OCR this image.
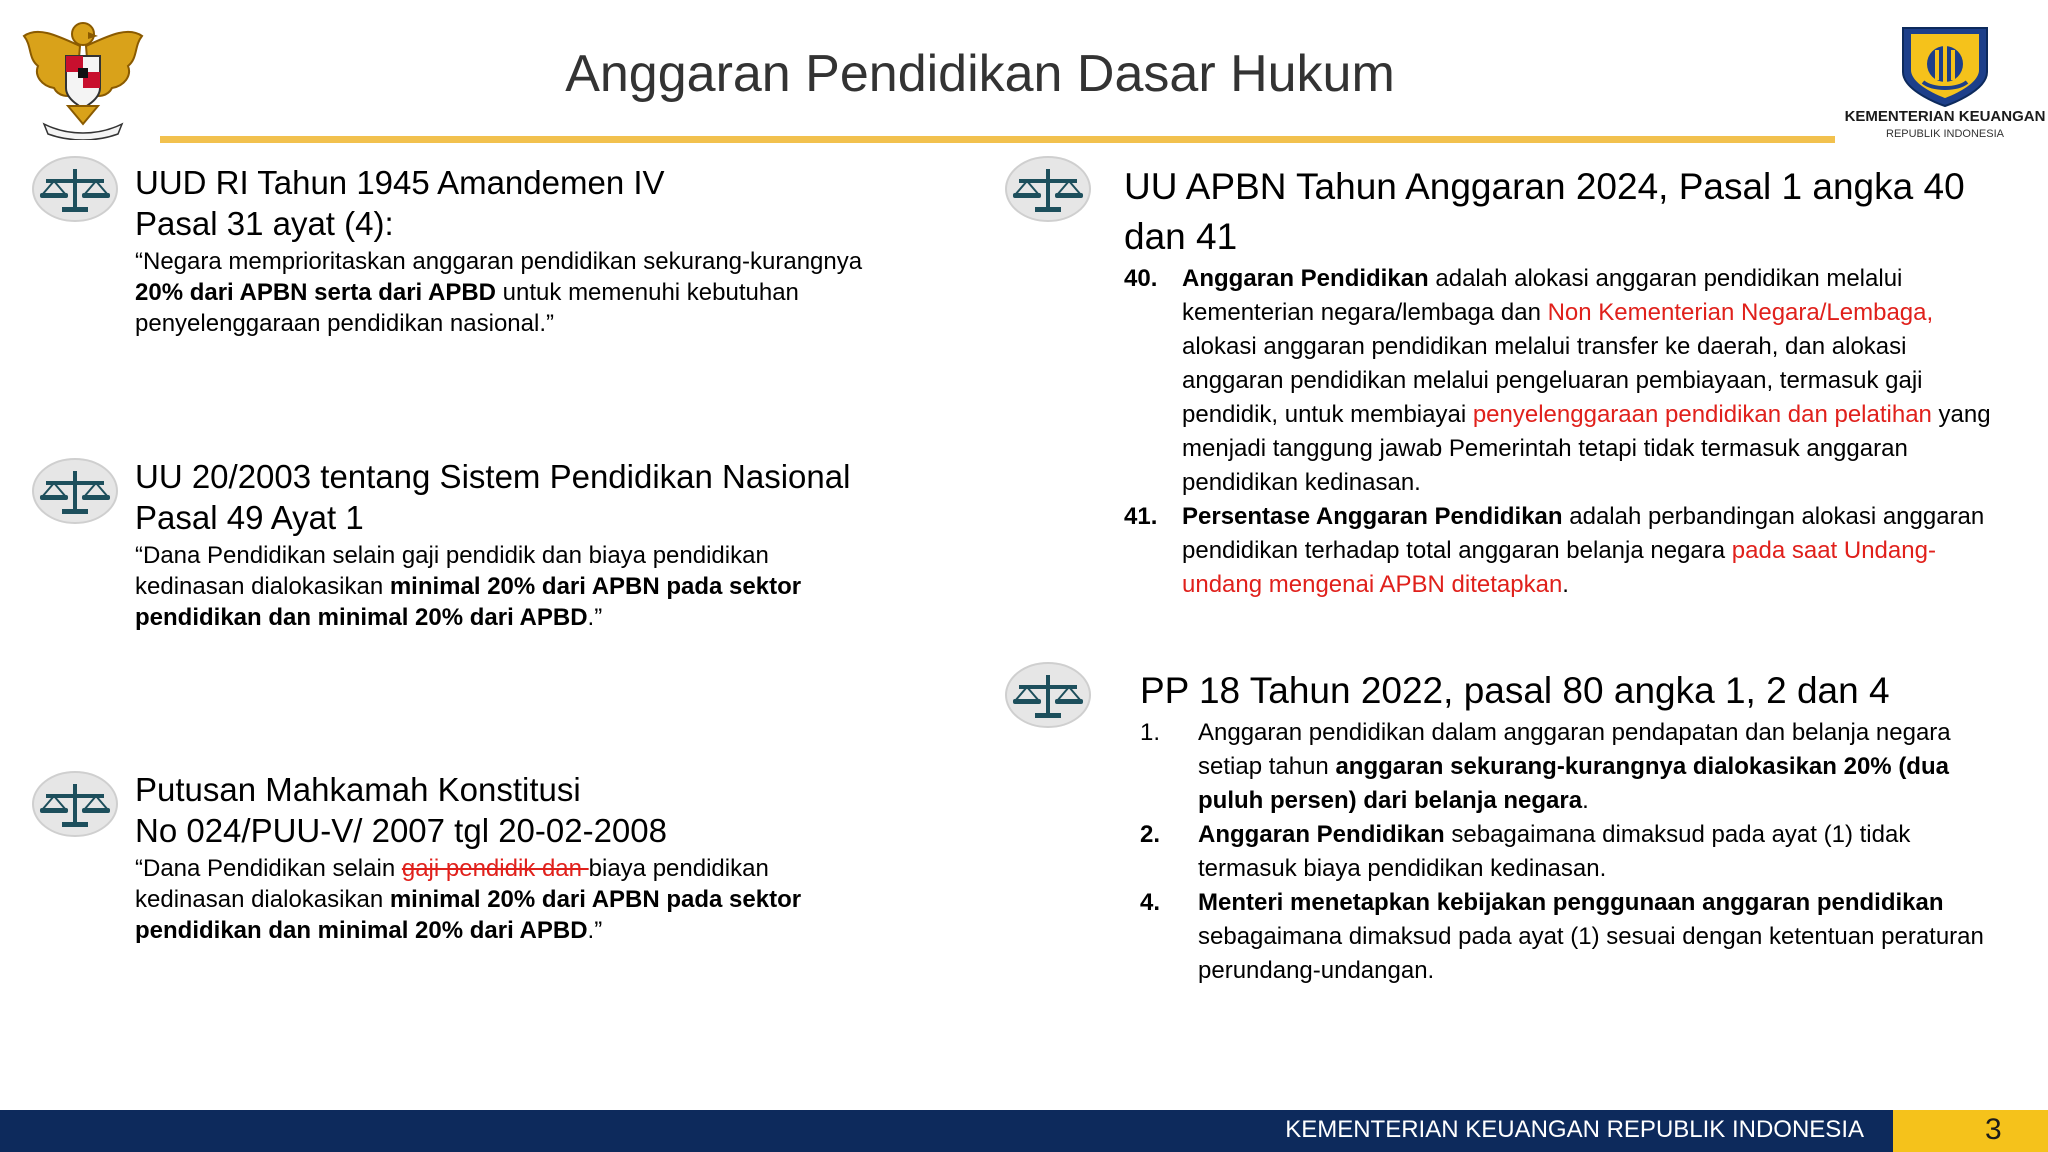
Anggaran Pendidikan Dasar Hukum
KEMENTERIAN KEUANGAN
REPUBLIK INDONESIA
UUD RI Tahun 1945 Amandemen IV
Pasal 31 ayat (4):
“Negara memprioritaskan anggaran pendidikan sekurang-kurangnya
20% dari APBN serta dari APBD untuk memenuhi kebutuhan
penyelenggaraan pendidikan nasional.”
UU 20/2003 tentang Sistem Pendidikan Nasional
Pasal 49 Ayat 1
“Dana Pendidikan selain gaji pendidik dan biaya pendidikan
kedinasan dialokasikan minimal 20% dari APBN pada sektor
pendidikan dan minimal 20% dari APBD.”
Putusan Mahkamah Konstitusi
No 024/PUU-V/ 2007 tgl 20-02-2008
“Dana Pendidikan selain gaji pendidik dan biaya pendidikan
kedinasan dialokasikan minimal 20% dari APBN pada sektor
pendidikan dan minimal 20% dari APBD.”
UU APBN Tahun Anggaran 2024, Pasal 1 angka 40
dan 41
40. Anggaran Pendidikan adalah alokasi anggaran pendidikan melalui kementerian negara/lembaga dan Non Kementerian Negara/Lembaga, alokasi anggaran pendidikan melalui transfer ke daerah, dan alokasi anggaran pendidikan melalui pengeluaran pembiayaan, termasuk gaji pendidik, untuk membiayai penyelenggaraan pendidikan dan pelatihan yang menjadi tanggung jawab Pemerintah tetapi tidak termasuk anggaran pendidikan kedinasan.
41. Persentase Anggaran Pendidikan adalah perbandingan alokasi anggaran pendidikan terhadap total anggaran belanja negara pada saat Undang-undang mengenai APBN ditetapkan.
PP 18 Tahun 2022, pasal 80 angka 1, 2 dan 4
1. Anggaran pendidikan dalam anggaran pendapatan dan belanja negara setiap tahun anggaran sekurang-kurangnya dialokasikan 20% (dua puluh persen) dari belanja negara.
2. Anggaran Pendidikan sebagaimana dimaksud pada ayat (1) tidak termasuk biaya pendidikan kedinasan.
4. Menteri menetapkan kebijakan penggunaan anggaran pendidikan sebagaimana dimaksud pada ayat (1) sesuai dengan ketentuan peraturan perundang-undangan.
KEMENTERIAN KEUANGAN REPUBLIK INDONESIA	3
